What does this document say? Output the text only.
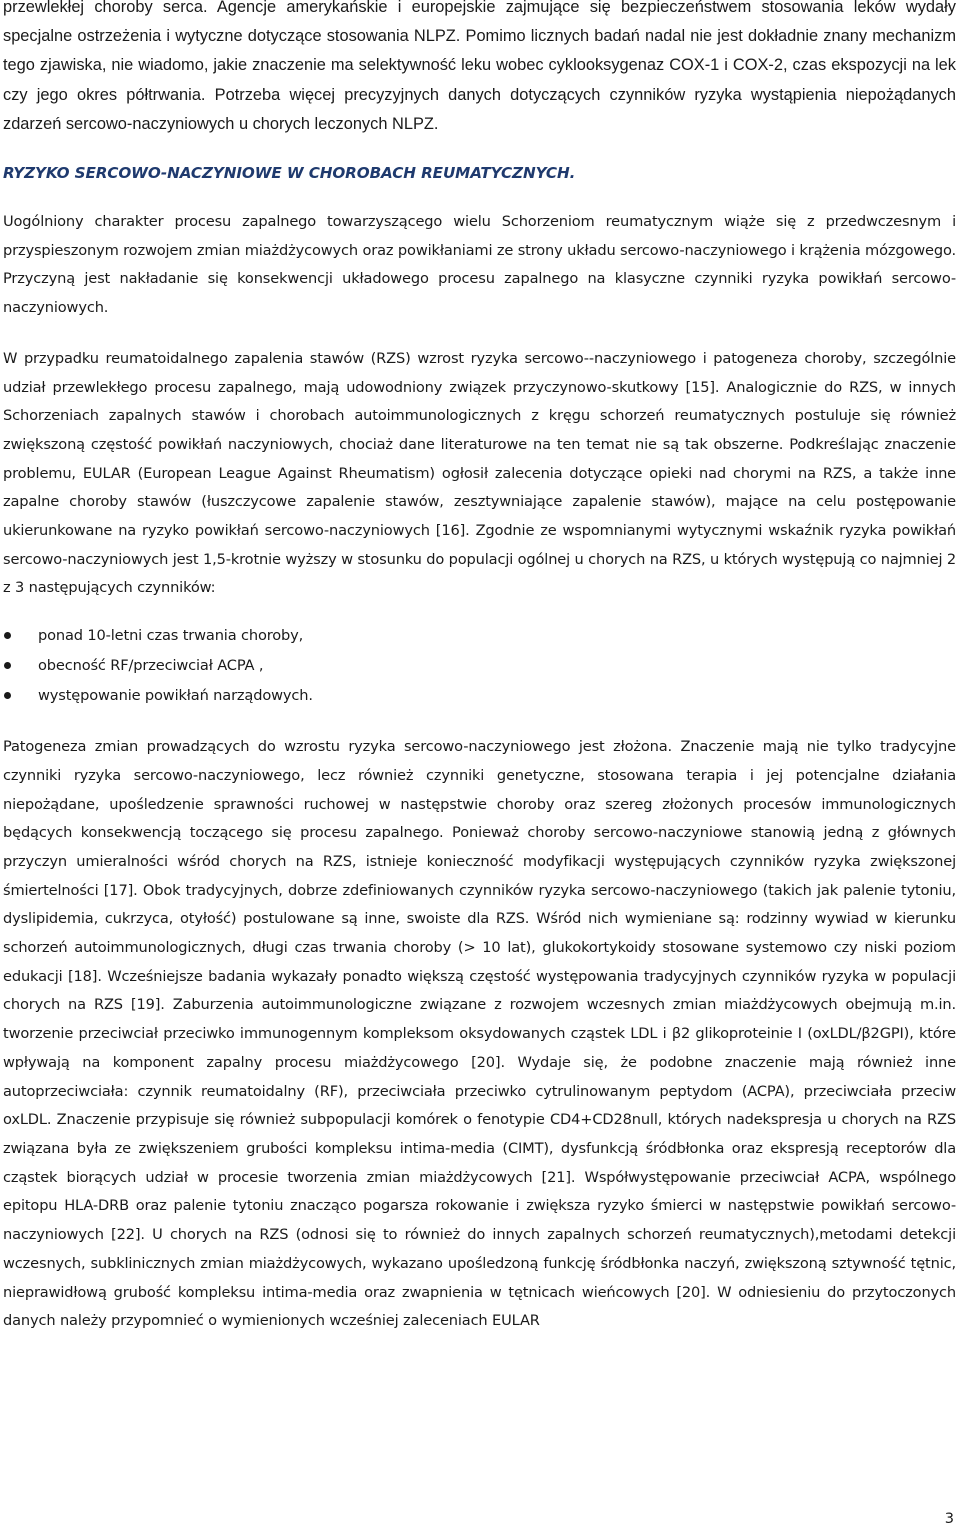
przewlekłej choroby serca. Agencje amerykańskie i europejskie zajmujące się bezpieczeństwem stosowania leków wydały specjalne ostrzeżenia i wytyczne dotyczące stosowania NLPZ. Pomimo licznych badań nadal nie jest dokładnie znany mechanizm tego zjawiska, nie wiadomo, jakie znaczenie ma selektywność leku wobec cyklooksygenaz COX-1 i COX-2, czas ekspozycji na lek czy jego okres półtrwania. Potrzeba więcej precyzyjnych danych dotyczących czynników ryzyka wystąpienia niepożądanych zdarzeń sercowo-naczyniowych u chorych leczonych NLPZ.

RYZYKO SERCOWO-NACZYNIOWE W CHOROBACH REUMATYCZNYCH.

Uogólniony charakter procesu zapalnego towarzyszącego wielu Schorzeniom reumatycznym wiąże się z przedwczesnym i przyspieszonym rozwojem zmian miażdżycowych oraz powikłaniami ze strony układu sercowo-naczyniowego i krążenia mózgowego. Przyczyną jest nakładanie się konsekwencji układowego procesu zapalnego na klasyczne czynniki ryzyka powikłań sercowo-naczyniowych.

W przypadku reumatoidalnego zapalenia stawów (RZS) wzrost ryzyka sercowo--naczyniowego i patogeneza choroby, szczególnie udział przewlekłego procesu zapalnego, mają udowodniony związek przyczynowo-skutkowy [15]. Analogicznie do RZS, w innych Schorzeniach zapalnych stawów i chorobach autoimmunologicznych z kręgu schorzeń reumatycznych postuluje się również zwiększoną częstość powikłań naczyniowych, chociaż dane literaturowe na ten temat nie są tak obszerne. Podkreślając znaczenie problemu, EULAR (European League Against Rheumatism) ogłosił zalecenia dotyczące opieki nad chorymi na RZS, a także inne zapalne choroby stawów (łuszczycowe zapalenie stawów, zesztywniające zapalenie stawów), mające na celu postępowanie ukierunkowane na ryzyko powikłań sercowo-naczyniowych [16]. Zgodnie ze wspomnianymi wytycznymi wskaźnik ryzyka powikłań sercowo-naczyniowych jest 1,5-krotnie wyższy w stosunku do populacji ogólnej u chorych na RZS, u których występują co najmniej 2 z 3 następujących czynników:

ponad 10-letni czas trwania choroby,
obecność RF/przeciwciał ACPA ,
występowanie powikłań narządowych.

Patogeneza zmian prowadzących do wzrostu ryzyka sercowo-naczyniowego jest złożona. Znaczenie mają nie tylko tradycyjne czynniki ryzyka sercowo-naczyniowego, lecz również czynniki genetyczne, stosowana terapia i jej potencjalne działania niepożądane, upośledzenie sprawności ruchowej w następstwie choroby oraz szereg złożonych procesów immunologicznych będących konsekwencją toczącego się procesu zapalnego. Ponieważ choroby sercowo-naczyniowe stanowią jedną z głównych przyczyn umieralności wśród chorych na RZS, istnieje konieczność modyfikacji występujących czynników ryzyka zwiększonej śmiertelności [17]. Obok tradycyjnych, dobrze zdefiniowanych czynników ryzyka sercowo-naczyniowego (takich jak palenie tytoniu, dyslipidemia, cukrzyca, otyłość) postulowane są inne, swoiste dla RZS. Wśród nich wymieniane są: rodzinny wywiad w kierunku schorzeń autoimmunologicznych, długi czas trwania choroby (> 10 lat), glukokortykoidy stosowane systemowo czy niski poziom edukacji [18]. Wcześniejsze badania wykazały ponadto większą częstość występowania tradycyjnych czynników ryzyka w populacji chorych na RZS [19]. Zaburzenia autoimmunologiczne związane z rozwojem wczesnych zmian miażdżycowych obejmują m.in. tworzenie przeciwciał przeciwko immunogennym kompleksom oksydowanych cząstek LDL i β2 glikoproteinie I (oxLDL/β2GPI), które wpływają na komponent zapalny procesu miażdżycowego [20]. Wydaje się, że podobne znaczenie mają również inne autoprzeciwciała: czynnik reumatoidalny (RF), przeciwciała przeciwko cytrulinowanym peptydom (ACPA), przeciwciała przeciw oxLDL. Znaczenie przypisuje się również subpopulacji komórek o fenotypie CD4+CD28null, których nadekspresja u chorych na RZS związana była ze zwiększeniem grubości kompleksu intima-media (CIMT), dysfunkcją śródbłonka oraz ekspresją receptorów dla cząstek biorących udział w procesie tworzenia zmian miażdżycowych [21]. Współwystępowanie przeciwciał ACPA, wspólnego epitopu HLA-DRB oraz palenie tytoniu znacząco pogarsza rokowanie i zwiększa ryzyko śmierci w następstwie powikłań sercowo-naczyniowych [22]. U chorych na RZS (odnosi się to również do innych zapalnych schorzeń reumatycznych),metodami detekcji wczesnych, subklinicznych zmian miażdżycowych, wykazano upośledzoną funkcję śródbłonka naczyń, zwiększoną sztywność tętnic, nieprawidłową grubość kompleksu intima-media oraz zwapnienia w tętnicach wieńcowych [20]. W odniesieniu do przytoczonych danych należy przypomnieć o wymienionych wcześniej zaleceniach EULAR

3
